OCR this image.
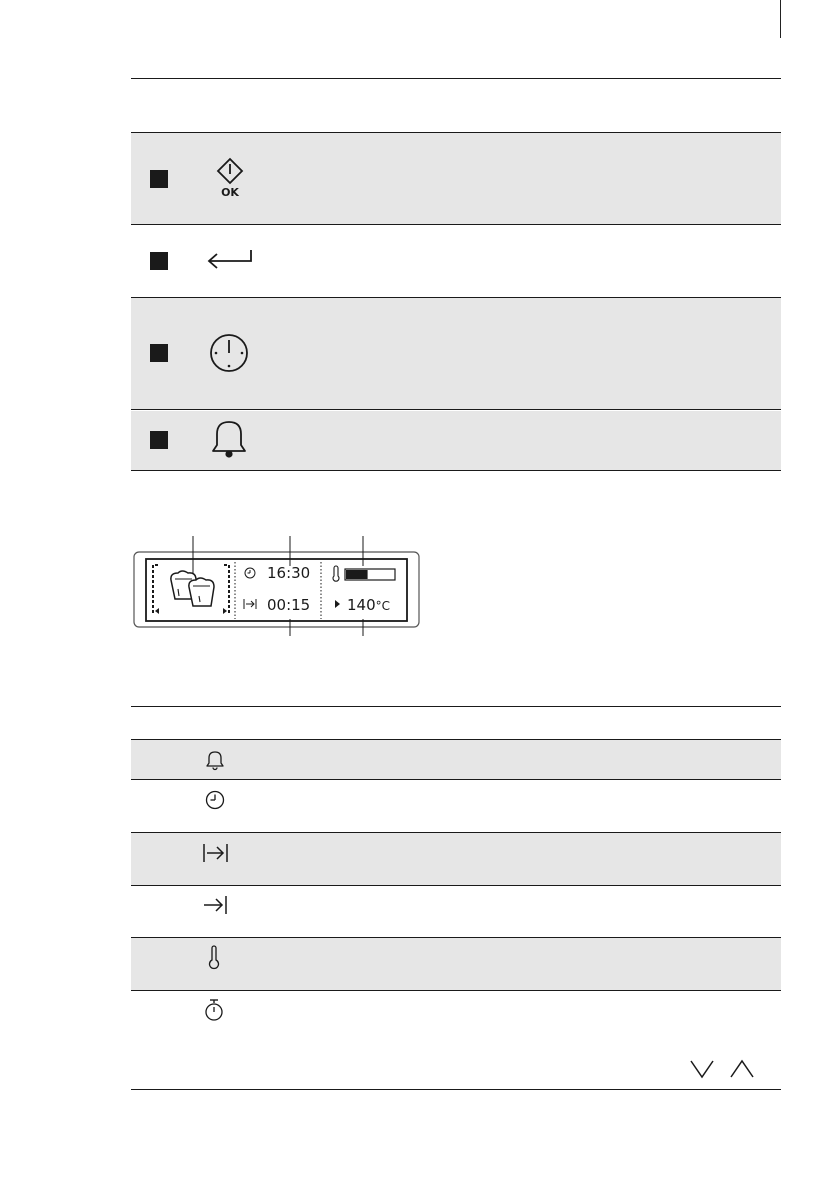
OK
16:30
00:15 140°C
